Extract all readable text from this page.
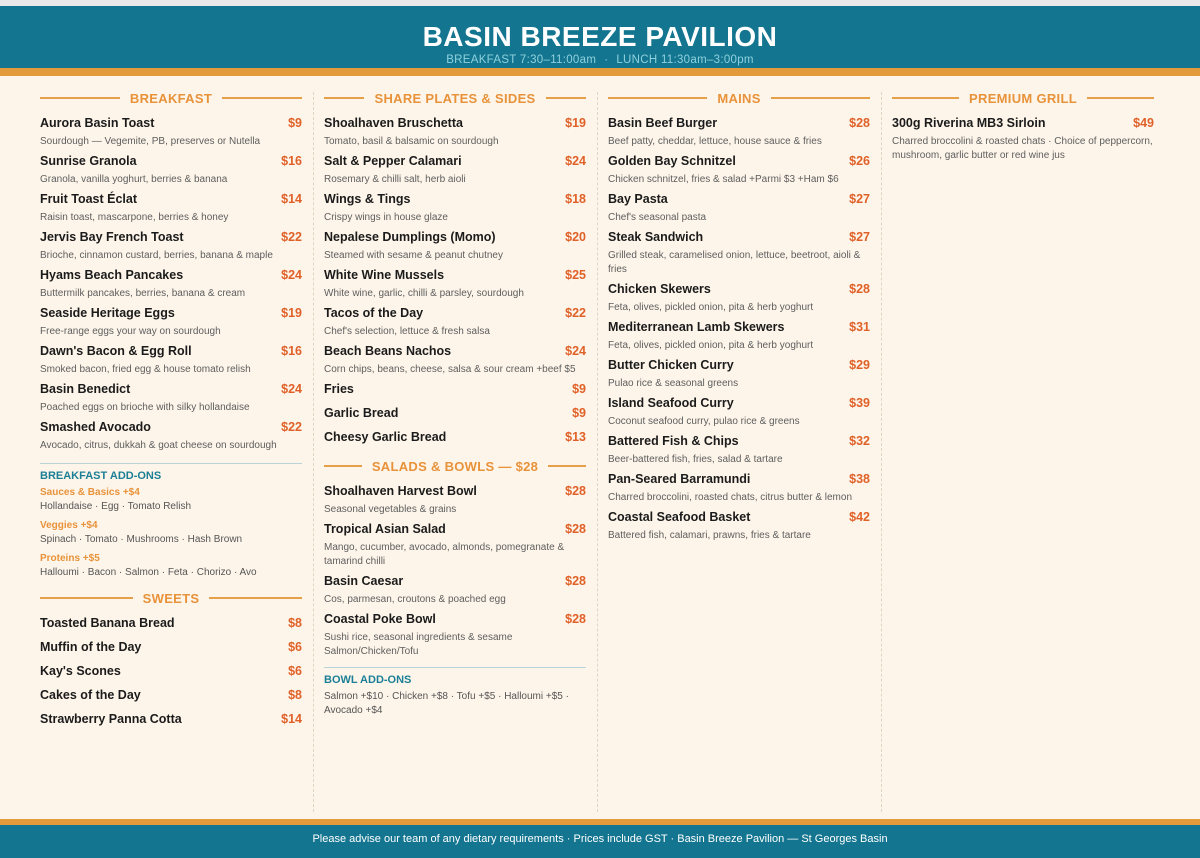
BASIN BREEZE PAVILION
BREAKFAST 7:30–11:00am · LUNCH 11:30am–3:00pm
BREAKFAST
Aurora Basin Toast	$9
Sourdough — Vegemite, PB, preserves or Nutella
Sunrise Granola	$16
Granola, vanilla yoghurt, berries & banana
Fruit Toast Éclat	$14
Raisin toast, mascarpone, berries & honey
Jervis Bay French Toast	$22
Brioche, cinnamon custard, berries, banana & maple
Hyams Beach Pancakes	$24
Buttermilk pancakes, berries, banana & cream
Seaside Heritage Eggs	$19
Free-range eggs your way on sourdough
Dawn's Bacon & Egg Roll	$16
Smoked bacon, fried egg & house tomato relish
Basin Benedict	$24
Poached eggs on brioche with silky hollandaise
Smashed Avocado	$22
Avocado, citrus, dukkah & goat cheese on sourdough
BREAKFAST ADD-ONS
Sauces & Basics +$4
Hollandaise · Egg · Tomato Relish
Veggies +$4
Spinach · Tomato · Mushrooms · Hash Brown
Proteins +$5
Halloumi · Bacon · Salmon · Feta · Chorizo · Avo
SWEETS
Toasted Banana Bread	$8
Muffin of the Day	$6
Kay's Scones	$6
Cakes of the Day	$8
Strawberry Panna Cotta	$14
SHARE PLATES & SIDES
Shoalhaven Bruschetta	$19
Tomato, basil & balsamic on sourdough
Salt & Pepper Calamari	$24
Rosemary & chilli salt, herb aioli
Wings & Tings	$18
Crispy wings in house glaze
Nepalese Dumplings (Momo)	$20
Steamed with sesame & peanut chutney
White Wine Mussels	$25
White wine, garlic, chilli & parsley, sourdough
Tacos of the Day	$22
Chef's selection, lettuce & fresh salsa
Beach Beans Nachos	$24
Corn chips, beans, cheese, salsa & sour cream +beef $5
Fries	$9
Garlic Bread	$9
Cheesy Garlic Bread	$13
SALADS & BOWLS — $28
Shoalhaven Harvest Bowl	$28
Seasonal vegetables & grains
Tropical Asian Salad	$28
Mango, cucumber, avocado, almonds, pomegranate & tamarind chilli
Basin Caesar	$28
Cos, parmesan, croutons & poached egg
Coastal Poke Bowl	$28
Sushi rice, seasonal ingredients & sesame Salmon/Chicken/Tofu
BOWL ADD-ONS
Salmon +$10 · Chicken +$8 · Tofu +$5 · Halloumi +$5 · Avocado +$4
MAINS
Basin Beef Burger	$28
Beef patty, cheddar, lettuce, house sauce & fries
Golden Bay Schnitzel	$26
Chicken schnitzel, fries & salad +Parmi $3 +Ham $6
Bay Pasta	$27
Chef's seasonal pasta
Steak Sandwich	$27
Grilled steak, caramelised onion, lettuce, beetroot, aioli & fries
Chicken Skewers	$28
Feta, olives, pickled onion, pita & herb yoghurt
Mediterranean Lamb Skewers	$31
Feta, olives, pickled onion, pita & herb yoghurt
Butter Chicken Curry	$29
Pulao rice & seasonal greens
Island Seafood Curry	$39
Coconut seafood curry, pulao rice & greens
Battered Fish & Chips	$32
Beer-battered fish, fries, salad & tartare
Pan-Seared Barramundi	$38
Charred broccolini, roasted chats, citrus butter & lemon
Coastal Seafood Basket	$42
Battered fish, calamari, prawns, fries & tartare
PREMIUM GRILL
300g Riverina MB3 Sirloin	$49
Charred broccolini & roasted chats · Choice of peppercorn, mushroom, garlic butter or red wine jus
Please advise our team of any dietary requirements · Prices include GST · Basin Breeze Pavilion — St Georges Basin
